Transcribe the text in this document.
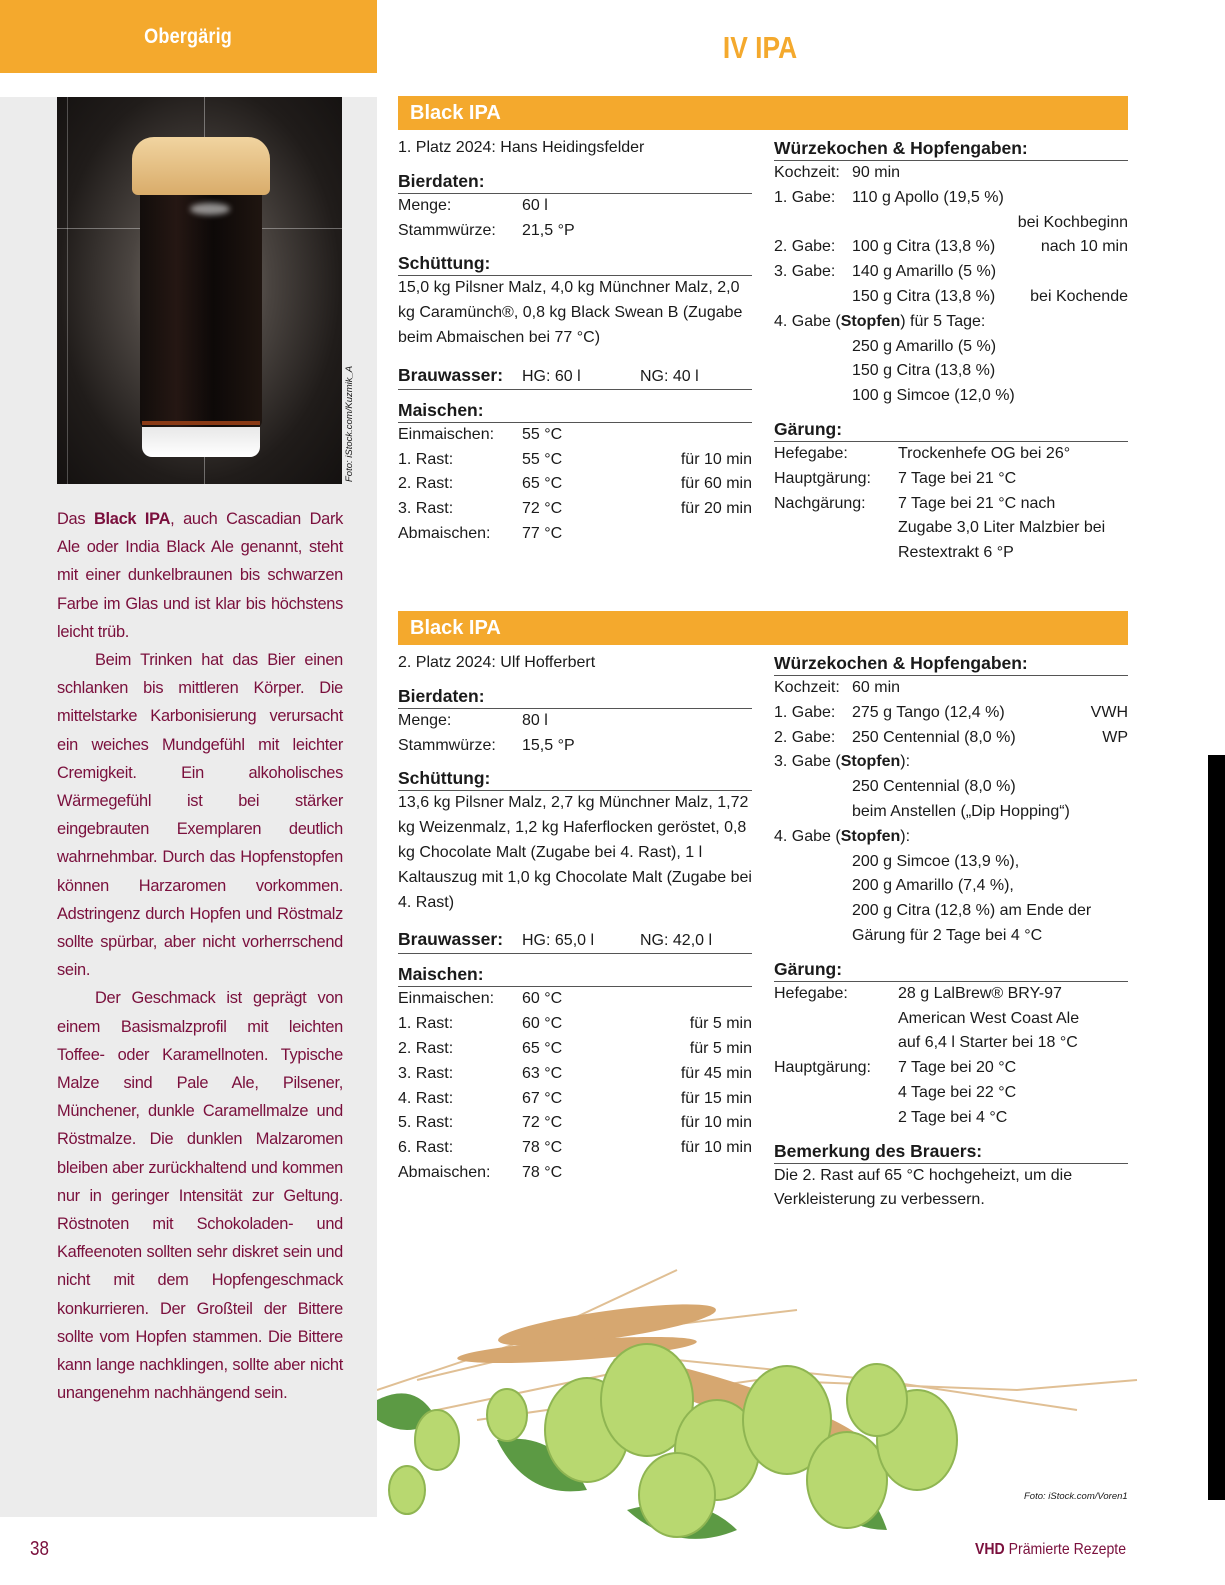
Obergärig	IV IPA
Foto: iStock.com/Kuzmik_A

Das Black IPA, auch Cascadian Dark Ale oder India Black Ale genannt, steht mit einer dunkelbraunen bis schwarzen Farbe im Glas und ist klar bis höchstens leicht trüb.

Beim Trinken hat das Bier einen schlanken bis mittleren Körper. Die mittelstarke Karbonisierung verursacht ein weiches Mundgefühl mit leichter Cremigkeit. Ein alkoholisches Wärmegefühl ist bei stärker eingebrauten Exemplaren deutlich wahrnehmbar. Durch das Hopfenstopfen können Harzaromen vorkommen. Adstringenz durch Hopfen und Röstmalz sollte spürbar, aber nicht vorherrschend sein.

Der Geschmack ist geprägt von einem Basismalzprofil mit leichten Toffee- oder Karamellnoten. Typische Malze sind Pale Ale, Pilsener, Münchener, dunkle Caramellmalze und Röstmalze. Die dunklen Malzaromen bleiben aber zurückhaltend und kommen nur in geringer Intensität zur Geltung. Röstnoten mit Schokoladen- und Kaffeenoten sollten sehr diskret sein und nicht mit dem Hopfengeschmack konkurrieren. Der Großteil der Bittere sollte vom Hopfen stammen. Die Bittere kann lange nachklingen, sollte aber nicht unangenehm nachhängend sein.

Black IPA
1. Platz 2024: Hans Heidingsfelder
Bierdaten:
Menge:	60 l
Stammwürze:	21,5 °P
Schüttung:
15,0 kg Pilsner Malz, 4,0 kg Münchner Malz, 2,0 kg Caramünch®, 0,8 kg Black Swean B (Zugabe beim Abmaischen bei 77 °C)
Brauwasser:	HG: 60 l	NG: 40 l
Maischen:
Einmaischen:	55 °C
1. Rast:	55 °C	für 10 min
2. Rast:	65 °C	für 60 min
3. Rast:	72 °C	für 20 min
Abmaischen:	77 °C
Würzekochen & Hopfengaben:
Kochzeit: 90 min
1. Gabe:	110 g Apollo (19,5 %)
bei Kochbeginn
2. Gabe:	100 g Citra (13,8 %)	nach 10 min
3. Gabe:	140 g Amarillo (5 %)
150 g Citra (13,8 %)	bei Kochende
4. Gabe (Stopfen) für 5 Tage:
250 g Amarillo (5 %)
150 g Citra (13,8 %)
100 g Simcoe (12,0 %)
Gärung:
Hefegabe:	Trockenhefe OG bei 26°
Hauptgärung:	7 Tage bei 21 °C
Nachgärung:	7 Tage bei 21 °C nach
Zugabe 3,0 Liter Malzbier bei
Restextrakt 6 °P
Black IPA
2. Platz 2024: Ulf Hofferbert
Bierdaten:
Menge:	80 l
Stammwürze:	15,5 °P
Schüttung:
13,6 kg Pilsner Malz, 2,7 kg Münchner Malz, 1,72 kg Weizenmalz, 1,2 kg Haferflocken geröstet, 0,8 kg Chocolate Malt (Zugabe bei 4. Rast), 1 l Kaltauszug mit 1,0 kg Chocolate Malt (Zugabe bei 4. Rast)
Brauwasser:	HG: 65,0 l	NG: 42,0 l
Maischen:
Einmaischen:	60 °C
1. Rast:	60 °C	für 5 min
2. Rast:	65 °C	für 5 min
3. Rast:	63 °C	für 45 min
4. Rast:	67 °C	für 15 min
5. Rast:	72 °C	für 10 min
6. Rast:	78 °C	für 10 min
Abmaischen:	78 °C
Würzekochen & Hopfengaben:
Kochzeit: 60 min
1. Gabe:	275 g Tango (12,4 %)	VWH
2. Gabe:	250 Centennial (8,0 %)	WP
3. Gabe (Stopfen):
250 Centennial (8,0 %)
beim Anstellen („Dip Hopping“)
4. Gabe (Stopfen):
200 g Simcoe (13,9 %),
200 g Amarillo (7,4 %),
200 g Citra (12,8 %) am Ende der
Gärung für 2 Tage bei 4 °C
Gärung:
Hefegabe:	28 g LalBrew® BRY-97
American West Coast Ale
auf 6,4 l Starter bei 18 °C
Hauptgärung:	7 Tage bei 20 °C
4 Tage bei 22 °C
2 Tage bei 4 °C
Bemerkung des Brauers:
Die 2. Rast auf 65 °C hochgeheizt, um die Verkleisterung zu verbessern.
Foto: iStock.com/Voren1
38	VHD Prämierte Rezepte
